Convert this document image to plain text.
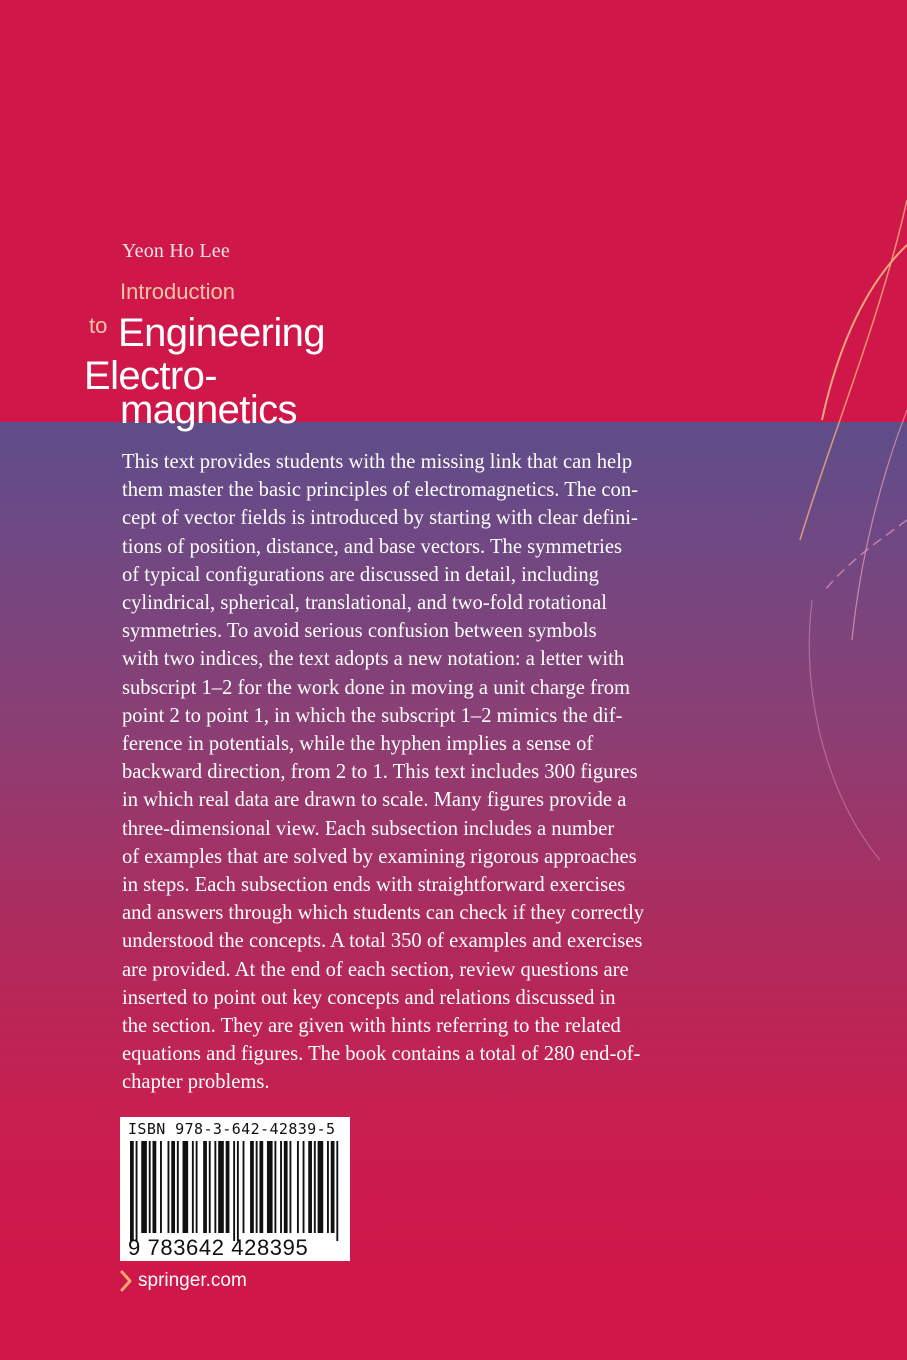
Yeon Ho Lee
Introduction
to Engineering
Electro-
magnetics
This text provides students with the missing link that can help
them master the basic principles of electromagnetics. The con-
cept of vector fields is introduced by starting with clear defini-
tions of position, distance, and base vectors. The symmetries
of typical configurations are discussed in detail, including
cylindrical, spherical, translational, and two-fold rotational
symmetries. To avoid serious confusion between symbols
with two indices, the text adopts a new notation: a letter with
subscript 1–2 for the work done in moving a unit charge from
point 2 to point 1, in which the subscript 1–2 mimics the dif-
ference in potentials, while the hyphen implies a sense of
backward direction, from 2 to 1. This text includes 300 figures
in which real data are drawn to scale. Many figures provide a
three-dimensional view. Each subsection includes a number
of examples that are solved by examining rigorous approaches
in steps. Each subsection ends with straightforward exercises
and answers through which students can check if they correctly
understood the concepts. A total 350 of examples and exercises
are provided. At the end of each section, review questions are
inserted to point out key concepts and relations discussed in
the section. They are given with hints referring to the related
equations and figures. The book contains a total of 280 end-of-
chapter problems.
ISBN 978-3-642-42839-5
9 783642 428395
springer.com
